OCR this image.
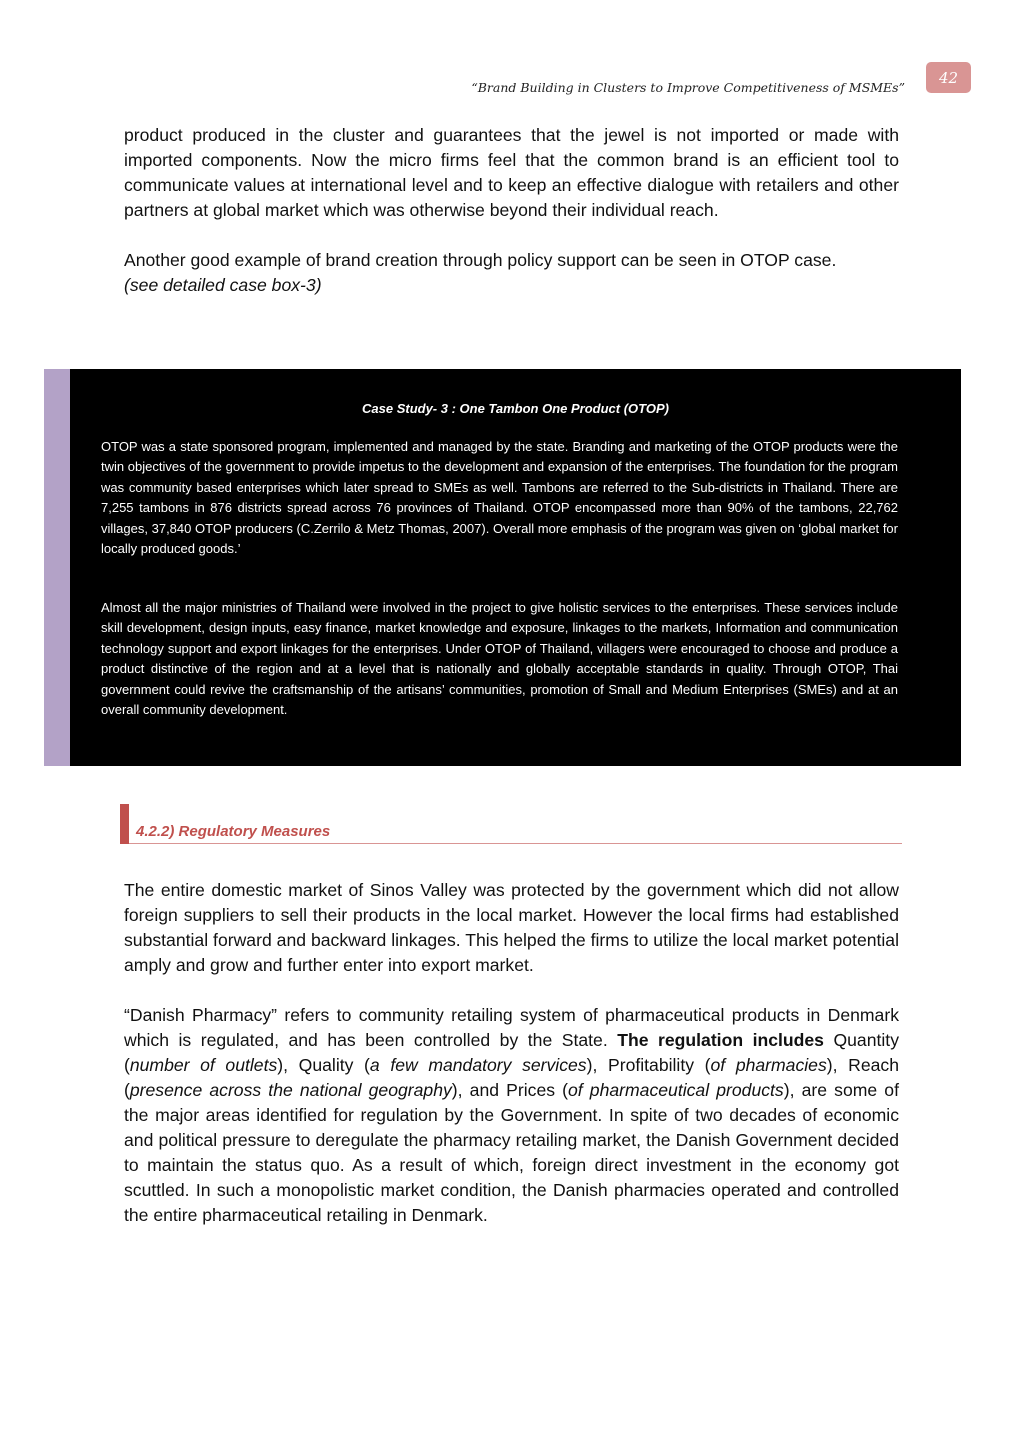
“Brand Building in Clusters to Improve Competitiveness of MSMEs”
42

product produced in the cluster and guarantees that the jewel is not imported or made with imported components. Now the micro firms feel that the common brand is an efficient tool to communicate values at international level and to keep an effective dialogue with retailers and other partners at global market which was otherwise beyond their individual reach.

Another good example of brand creation through policy support can be seen in OTOP case.
(see detailed case box-3)

Case Study- 3 : One Tambon One Product (OTOP)

OTOP was a state sponsored program, implemented and managed by the state. Branding and marketing of the OTOP products were the twin objectives of the government to provide impetus to the development and expansion of the enterprises. The foundation for the program was community based enterprises which later spread to SMEs as well. Tambons are referred to the Sub-districts in Thailand. There are 7,255 tambons in 876 districts spread across 76 provinces of Thailand. OTOP encompassed more than 90% of the tambons, 22,762 villages, 37,840 OTOP producers (C.Zerrilo & Metz Thomas, 2007). Overall more emphasis of the program was given on ‘global market for locally produced goods.’

Almost all the major ministries of Thailand were involved in the project to give holistic services to the enterprises. These services include skill development, design inputs, easy finance, market knowledge and exposure, linkages to the markets, Information and communication technology support and export linkages for the enterprises. Under OTOP of Thailand, villagers were encouraged to choose and produce a product distinctive of the region and at a level that is nationally and globally acceptable standards in quality. Through OTOP, Thai government could revive the craftsmanship of the artisans’ communities, promotion of Small and Medium Enterprises (SMEs) and at an overall community development.

4.2.2) Regulatory Measures

The entire domestic market of Sinos Valley was protected by the government which did not allow foreign suppliers to sell their products in the local market. However the local firms had established substantial forward and backward linkages. This helped the firms to utilize the local market potential amply and grow and further enter into export market.

“Danish Pharmacy” refers to community retailing system of pharmaceutical products in Denmark which is regulated, and has been controlled by the State. The regulation includes Quantity (number of outlets), Quality (a few mandatory services), Profitability (of pharmacies), Reach (presence across the national geography), and Prices (of pharmaceutical products), are some of the major areas identified for regulation by the Government. In spite of two decades of economic and political pressure to deregulate the pharmacy retailing market, the Danish Government decided to maintain the status quo. As a result of which, foreign direct investment in the economy got scuttled. In such a monopolistic market condition, the Danish pharmacies operated and controlled the entire pharmaceutical retailing in Denmark.
